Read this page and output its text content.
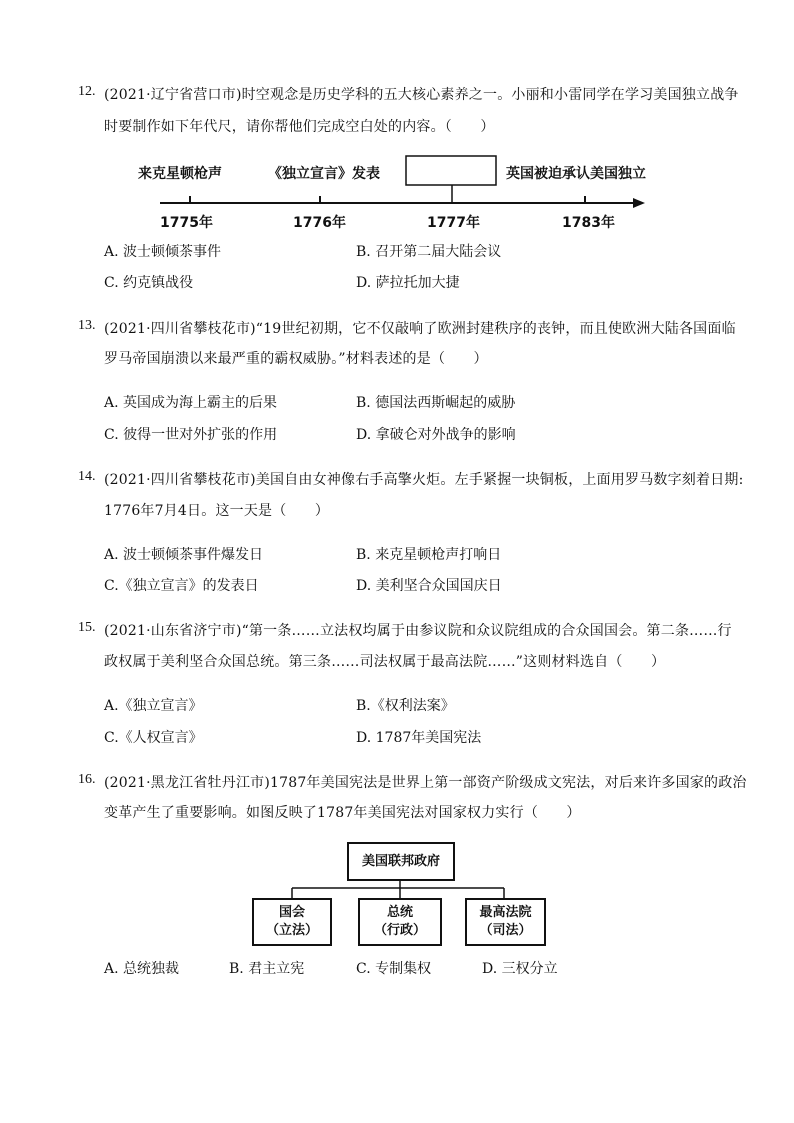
12. (2021·辽宁省营口市)时空观念是历史学科的五大核心素养之一。小丽和小雷同学在学习美国独立战争
时要制作如下年代尺，请你帮他们完成空白处的内容。（　　）
来克星顿枪声	《独立宣言》发表	英国被迫承认美国独立
1775年	1776年	1777年	1783年
A. 波士顿倾茶事件	B. 召开第二届大陆会议
C. 约克镇战役	D. 萨拉托加大捷
13. (2021·四川省攀枝花市)“19世纪初期，它不仅敲响了欧洲封建秩序的丧钟，而且使欧洲大陆各国面临
罗马帝国崩溃以来最严重的霸权威胁。”材料表述的是（　　）
A. 英国成为海上霸主的后果	B. 德国法西斯崛起的威胁
C. 彼得一世对外扩张的作用	D. 拿破仑对外战争的影响
14. (2021·四川省攀枝花市)美国自由女神像右手高擎火炬。左手紧握一块铜板，上面用罗马数字刻着日期:
1776年7月4日。这一天是（　　）
A. 波士顿倾茶事件爆发日	B. 来克星顿枪声打响日
C.《独立宣言》的发表日	D. 美利坚合众国国庆日
15. (2021·山东省济宁市)“第一条……立法权均属于由参议院和众议院组成的合众国国会。第二条……行
政权属于美利坚合众国总统。第三条……司法权属于最高法院……”这则材料选自（　　）
A.《独立宣言》	B.《权利法案》
C.《人权宣言》	D. 1787年美国宪法
16. (2021·黑龙江省牡丹江市)1787年美国宪法是世界上第一部资产阶级成文宪法，对后来许多国家的政治
变革产生了重要影响。如图反映了1787年美国宪法对国家权力实行（　　）
美国联邦政府
国会
（立法）
总统
（行政）
最高法院
（司法）
A. 总统独裁	B. 君主立宪	C. 专制集权	D. 三权分立
